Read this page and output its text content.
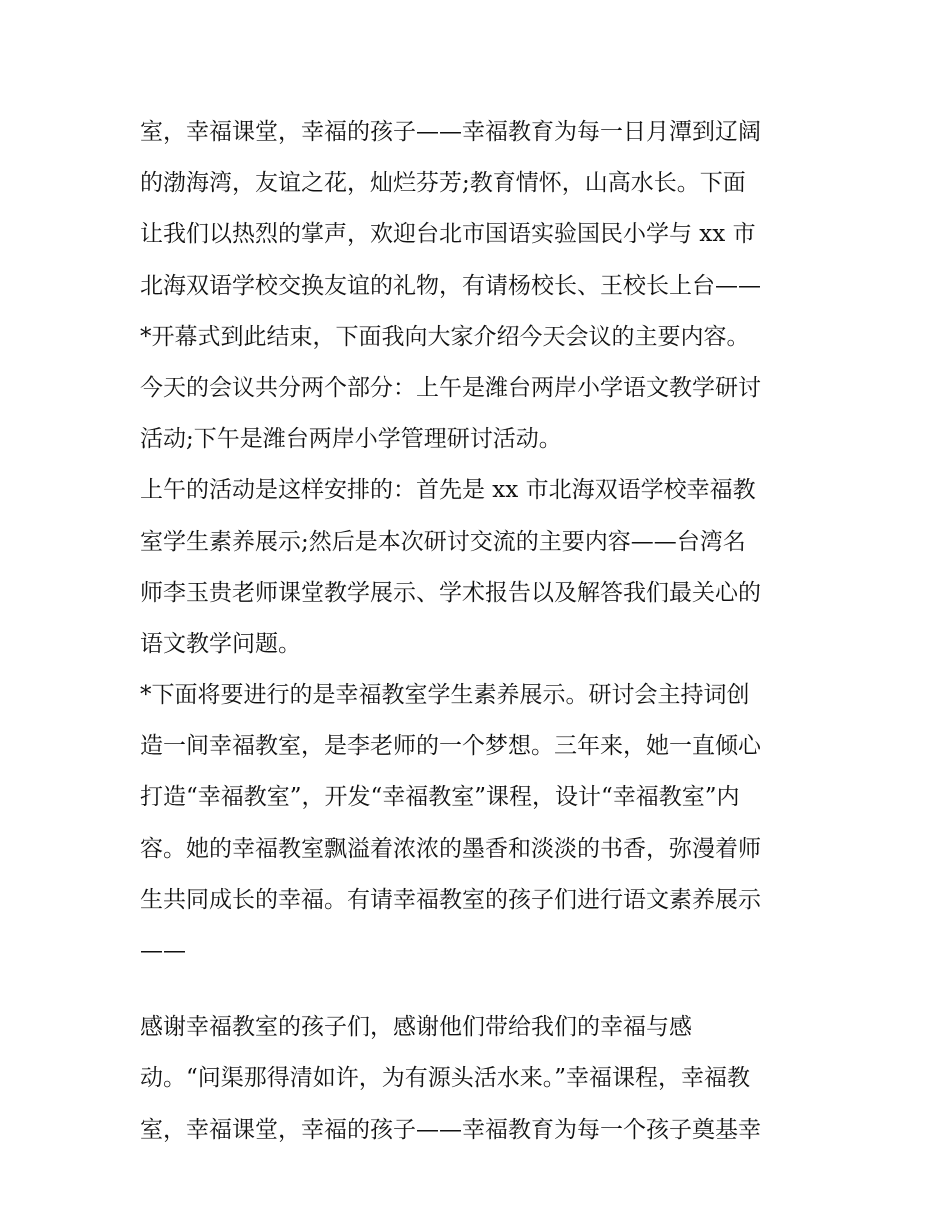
室，幸福课堂，幸福的孩子——幸福教育为每一日月潭到辽阔
的渤海湾，友谊之花，灿烂芬芳;教育情怀，山高水长。下面
让我们以热烈的掌声，欢迎台北市国语实验国民小学与 xx 市
北海双语学校交换友谊的礼物，有请杨校长、王校长上台——
*开幕式到此结束，下面我向大家介绍今天会议的主要内容。
今天的会议共分两个部分：上午是潍台两岸小学语文教学研讨
活动;下午是潍台两岸小学管理研讨活动。
上午的活动是这样安排的：首先是 xx 市北海双语学校幸福教
室学生素养展示;然后是本次研讨交流的主要内容——台湾名
师李玉贵老师课堂教学展示、学术报告以及解答我们最关心的
语文教学问题。
*下面将要进行的是幸福教室学生素养展示。研讨会主持词创
造一间幸福教室，是李老师的一个梦想。三年来，她一直倾心
打造“幸福教室”，开发“幸福教室”课程，设计“幸福教室”内
容。她的幸福教室飘溢着浓浓的墨香和淡淡的书香，弥漫着师
生共同成长的幸福。有请幸福教室的孩子们进行语文素养展示
——
感谢幸福教室的孩子们，感谢他们带给我们的幸福与感
动。“问渠那得清如许，为有源头活水来。”幸福课程，幸福教
室，幸福课堂，幸福的孩子——幸福教育为每一个孩子奠基幸
